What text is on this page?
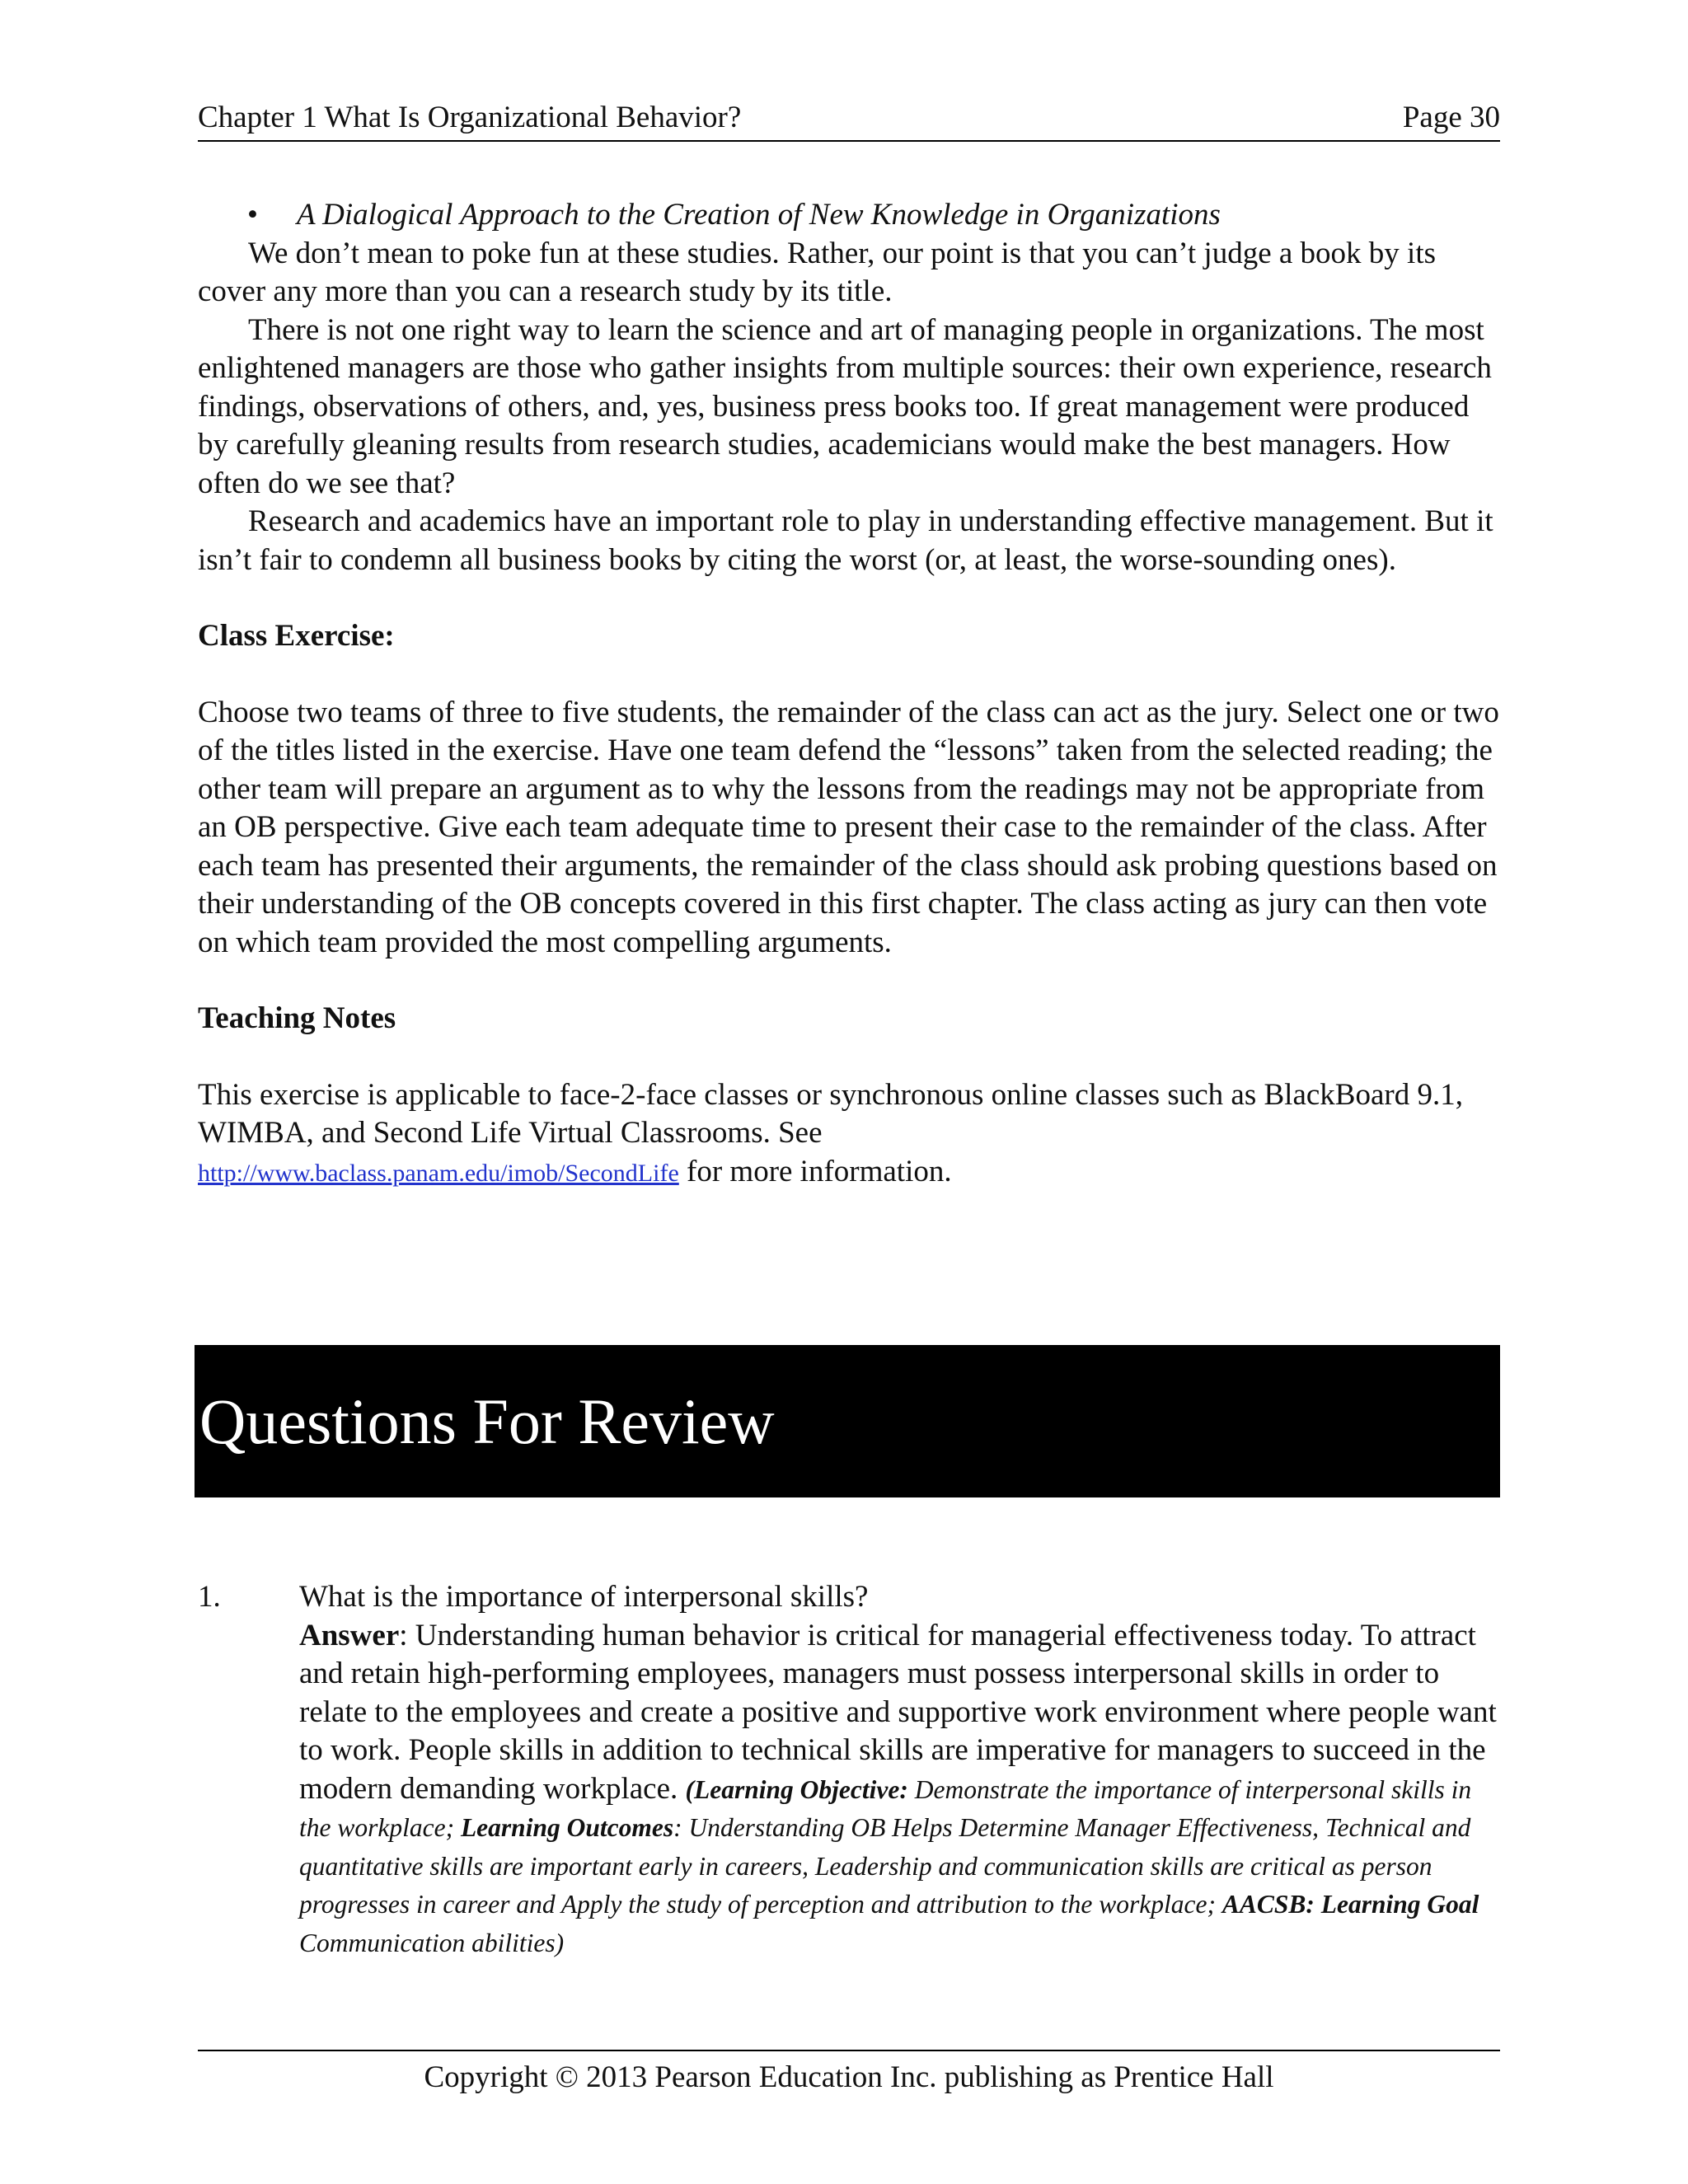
Chapter 1 What Is Organizational Behavior?	Page 30

• A Dialogical Approach to the Creation of New Knowledge in Organizations

We don’t mean to poke fun at these studies. Rather, our point is that you can’t judge a book by its cover any more than you can a research study by its title.

There is not one right way to learn the science and art of managing people in organizations. The most enlightened managers are those who gather insights from multiple sources: their own experience, research findings, observations of others, and, yes, business press books too. If great management were produced by carefully gleaning results from research studies, academicians would make the best managers. How often do we see that?

Research and academics have an important role to play in understanding effective management. But it isn’t fair to condemn all business books by citing the worst (or, at least, the worse-sounding ones).

Class Exercise:

Choose two teams of three to five students, the remainder of the class can act as the jury. Select one or two of the titles listed in the exercise. Have one team defend the “lessons” taken from the selected reading; the other team will prepare an argument as to why the lessons from the readings may not be appropriate from an OB perspective. Give each team adequate time to present their case to the remainder of the class. After each team has presented their arguments, the remainder of the class should ask probing questions based on their understanding of the OB concepts covered in this first chapter. The class acting as jury can then vote on which team provided the most compelling arguments.

Teaching Notes

This exercise is applicable to face-2-face classes or synchronous online classes such as BlackBoard 9.1, WIMBA, and Second Life Virtual Classrooms. See

http://www.baclass.panam.edu/imob/SecondLife for more information.

Questions For Review
1.	What is the importance of interpersonal skills?

Answer: Understanding human behavior is critical for managerial effectiveness today. To attract and retain high-performing employees, managers must possess interpersonal skills in order to relate to the employees and create a positive and supportive work environment where people want to work. People skills in addition to technical skills are imperative for managers to succeed in the modern demanding workplace. (Learning Objective: Demonstrate the importance of interpersonal skills in the workplace; Learning Outcomes: Understanding OB Helps Determine Manager Effectiveness, Technical and quantitative skills are important early in careers, Leadership and communication skills are critical as person progresses in career and Apply the study of perception and attribution to the workplace; AACSB: Learning Goal Communication abilities)

Copyright © 2013 Pearson Education Inc. publishing as Prentice Hall
